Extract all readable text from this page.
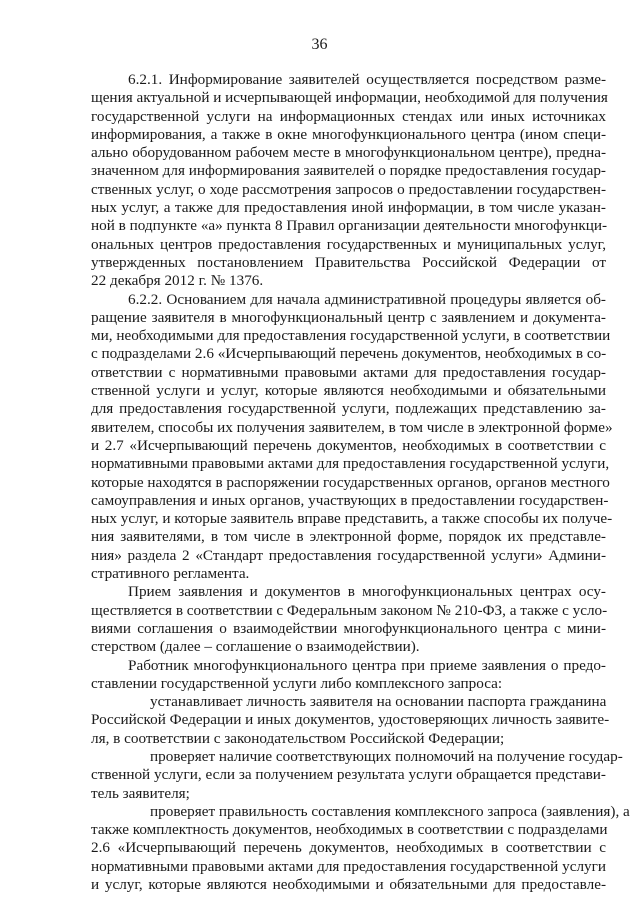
36
6.2.1. Информирование заявителей осуществляется посредством разме-
щения актуальной и исчерпывающей информации, необходимой для получения
государственной услуги на информационных стендах или иных источниках
информирования, а также в окне многофункционального центра (ином специ-
ально оборудованном рабочем месте в многофункциональном центре), предна-
значенном для информирования заявителей о порядке предоставления государ-
ственных услуг, о ходе рассмотрения запросов о предоставлении государствен-
ных услуг, а также для предоставления иной информации, в том числе указан-
ной в подпункте «а» пункта 8 Правил организации деятельности многофункци-
ональных центров предоставления государственных и муниципальных услуг,
утвержденных постановлением Правительства Российской Федерации от
22 декабря 2012 г. № 1376.
6.2.2. Основанием для начала административной процедуры является об-
ращение заявителя в многофункциональный центр с заявлением и документа-
ми, необходимыми для предоставления государственной услуги, в соответствии
с подразделами 2.6 «Исчерпывающий перечень документов, необходимых в со-
ответствии с нормативными правовыми актами для предоставления государ-
ственной услуги и услуг, которые являются необходимыми и обязательными
для предоставления государственной услуги, подлежащих представлению за-
явителем, способы их получения заявителем, в том числе в электронной форме»
и 2.7 «Исчерпывающий перечень документов, необходимых в соответствии с
нормативными правовыми актами для предоставления государственной услуги,
которые находятся в распоряжении государственных органов, органов местного
самоуправления и иных органов, участвующих в предоставлении государствен-
ных услуг, и которые заявитель вправе представить, а также способы их получе-
ния заявителями, в том числе в электронной форме, порядок их представле-
ния» раздела 2 «Стандарт предоставления государственной услуги» Админи-
стративного регламента.
Прием заявления и документов в многофункциональных центрах осу-
ществляется в соответствии с Федеральным законом № 210-ФЗ, а также с усло-
виями соглашения о взаимодействии многофункционального центра с мини-
стерством (далее – соглашение о взаимодействии).
Работник многофункционального центра при приеме заявления о предо-
ставлении государственной услуги либо комплексного запроса:
устанавливает личность заявителя на основании паспорта гражданина
Российской Федерации и иных документов, удостоверяющих личность заявите-
ля, в соответствии с законодательством Российской Федерации;
проверяет наличие соответствующих полномочий на получение государ-
ственной услуги, если за получением результата услуги обращается представи-
тель заявителя;
проверяет правильность составления комплексного запроса (заявления), а
также комплектность документов, необходимых в соответствии с подразделами
2.6 «Исчерпывающий перечень документов, необходимых в соответствии с
нормативными правовыми актами для предоставления государственной услуги
и услуг, которые являются необходимыми и обязательными для предоставле-
